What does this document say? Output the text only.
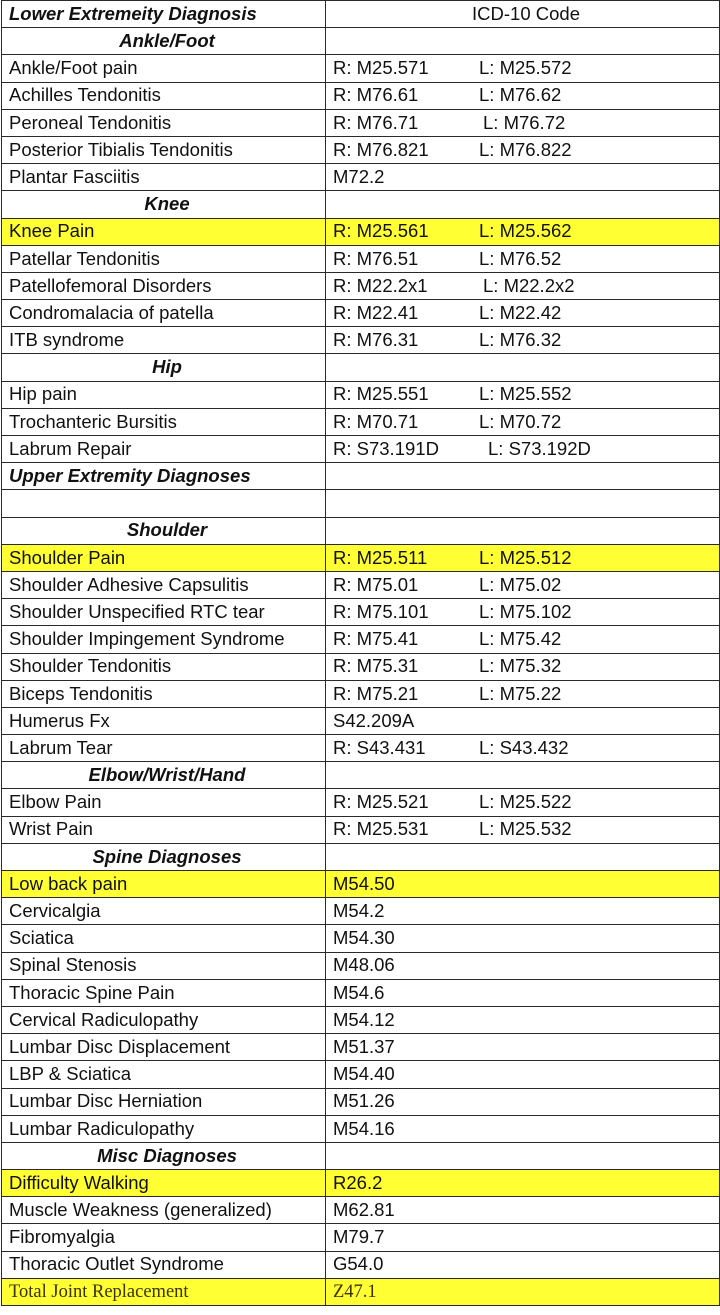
Lower Extremeity Diagnosis	ICD-10 Code
Ankle/Foot	
Ankle/Foot pain	R: M25.571 L: M25.572
Achilles Tendonitis	R: M76.61 L: M76.62
Peroneal Tendonitis	R: M76.71 L: M76.72
Posterior Tibialis Tendonitis	R: M76.821 L: M76.822
Plantar Fasciitis	M72.2
Knee	
Knee Pain	R: M25.561 L: M25.562
Patellar Tendonitis	R: M76.51 L: M76.52
Patellofemoral Disorders	R: M22.2x1 L: M22.2x2
Condromalacia of patella	R: M22.41 L: M22.42
ITB syndrome	R: M76.31 L: M76.32
Hip	
Hip pain	R: M25.551 L: M25.552
Trochanteric Bursitis	R: M70.71 L: M70.72
Labrum Repair	R: S73.191D L: S73.192D
Upper Extremity Diagnoses	

Shoulder	
Shoulder Pain	R: M25.511 L: M25.512
Shoulder Adhesive Capsulitis	R: M75.01 L: M75.02
Shoulder Unspecified RTC tear	R: M75.101 L: M75.102
Shoulder Impingement Syndrome	R: M75.41 L: M75.42
Shoulder Tendonitis	R: M75.31 L: M75.32
Biceps Tendonitis	R: M75.21 L: M75.22
Humerus Fx	S42.209A
Labrum Tear	R: S43.431 L: S43.432
Elbow/Wrist/Hand	
Elbow Pain	R: M25.521 L: M25.522
Wrist Pain	R: M25.531 L: M25.532
Spine Diagnoses	
Low back pain	M54.50
Cervicalgia	M54.2
Sciatica	M54.30
Spinal Stenosis	M48.06
Thoracic Spine Pain	M54.6
Cervical Radiculopathy	M54.12
Lumbar Disc Displacement	M51.37
LBP & Sciatica	M54.40
Lumbar Disc Herniation	M51.26
Lumbar Radiculopathy	M54.16
Misc Diagnoses	
Difficulty Walking	R26.2
Muscle Weakness (generalized)	M62.81
Fibromyalgia	M79.7
Thoracic Outlet Syndrome	G54.0
Total Joint Replacement	Z47.1
